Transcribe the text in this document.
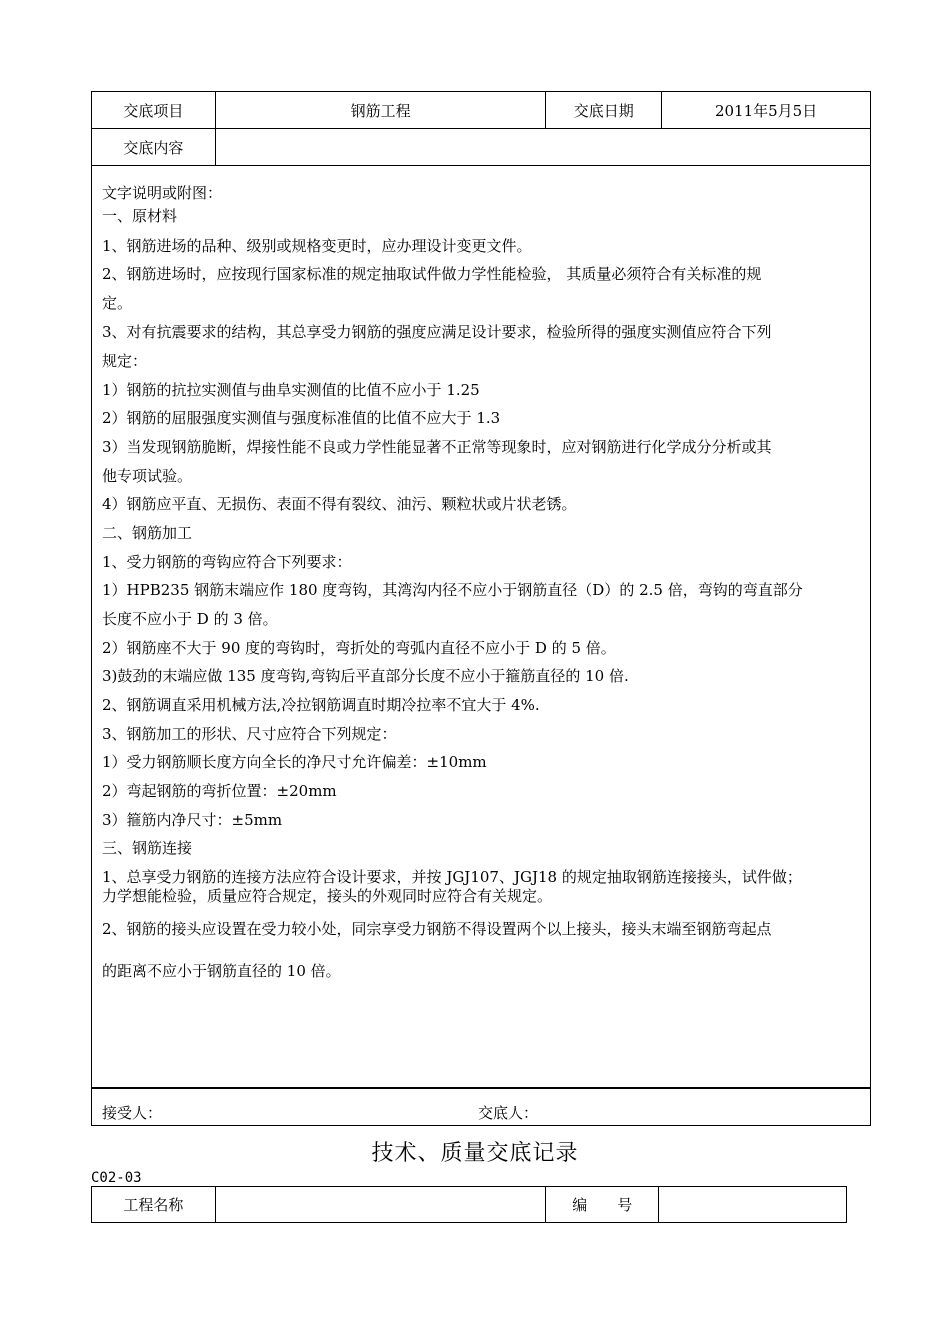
交底项目	钢筋工程	交底日期	2011年5月5日
交底内容			
文字说明或附图：
一、原材料
1、钢筋进场的品种、级别或规格变更时，应办理设计变更文件。
2、钢筋进场时，应按现行国家标准的规定抽取试件做力学性能检验， 其质量必须符合有关标准的规
定。
3、对有抗震要求的结构，其总享受力钢筋的强度应满足设计要求，检验所得的强度实测值应符合下列
规定：
1）钢筋的抗拉实测值与曲阜实测值的比值不应小于 1.25
2）钢筋的屈服强度实测值与强度标准值的比值不应大于 1.3
3）当发现钢筋脆断，焊接性能不良或力学性能显著不正常等现象时，应对钢筋进行化学成分分析或其
他专项试验。
4）钢筋应平直、无损伤、表面不得有裂纹、油污、颗粒状或片状老锈。
二、钢筋加工
1、受力钢筋的弯钩应符合下列要求：
1）HPB235 钢筋末端应作 180 度弯钩，其湾沟内径不应小于钢筋直径（D）的 2.5 倍，弯钩的弯直部分
长度不应小于 D 的 3 倍。
2）钢筋座不大于 90 度的弯钩时，弯折处的弯弧内直径不应小于 D 的 5 倍。
3)鼓劲的末端应做 135 度弯钩,弯钩后平直部分长度不应小于箍筋直径的 10 倍.
2、钢筋调直采用机械方法,冷拉钢筋调直时期冷拉率不宜大于 4%.
3、钢筋加工的形状、尺寸应符合下列规定：
1）受力钢筋顺长度方向全长的净尺寸允许偏差：±10mm
2）弯起钢筋的弯折位置：±20mm
3）箍筋内净尺寸：±5mm
三、钢筋连接
1、总享受力钢筋的连接方法应符合设计要求，并按 JGJ107、JGJ18 的规定抽取钢筋连接接头，试件做；
力学想能检验，质量应符合规定，接头的外观同时应符合有关规定。
2、钢筋的接头应设置在受力较小处，同宗享受力钢筋不得设置两个以上接头，接头末端至钢筋弯起点
的距离不应小于钢筋直径的 10 倍。
接受人：	交底人：
技术、质量交底记录
C02-03
工程名称		编　　号	
